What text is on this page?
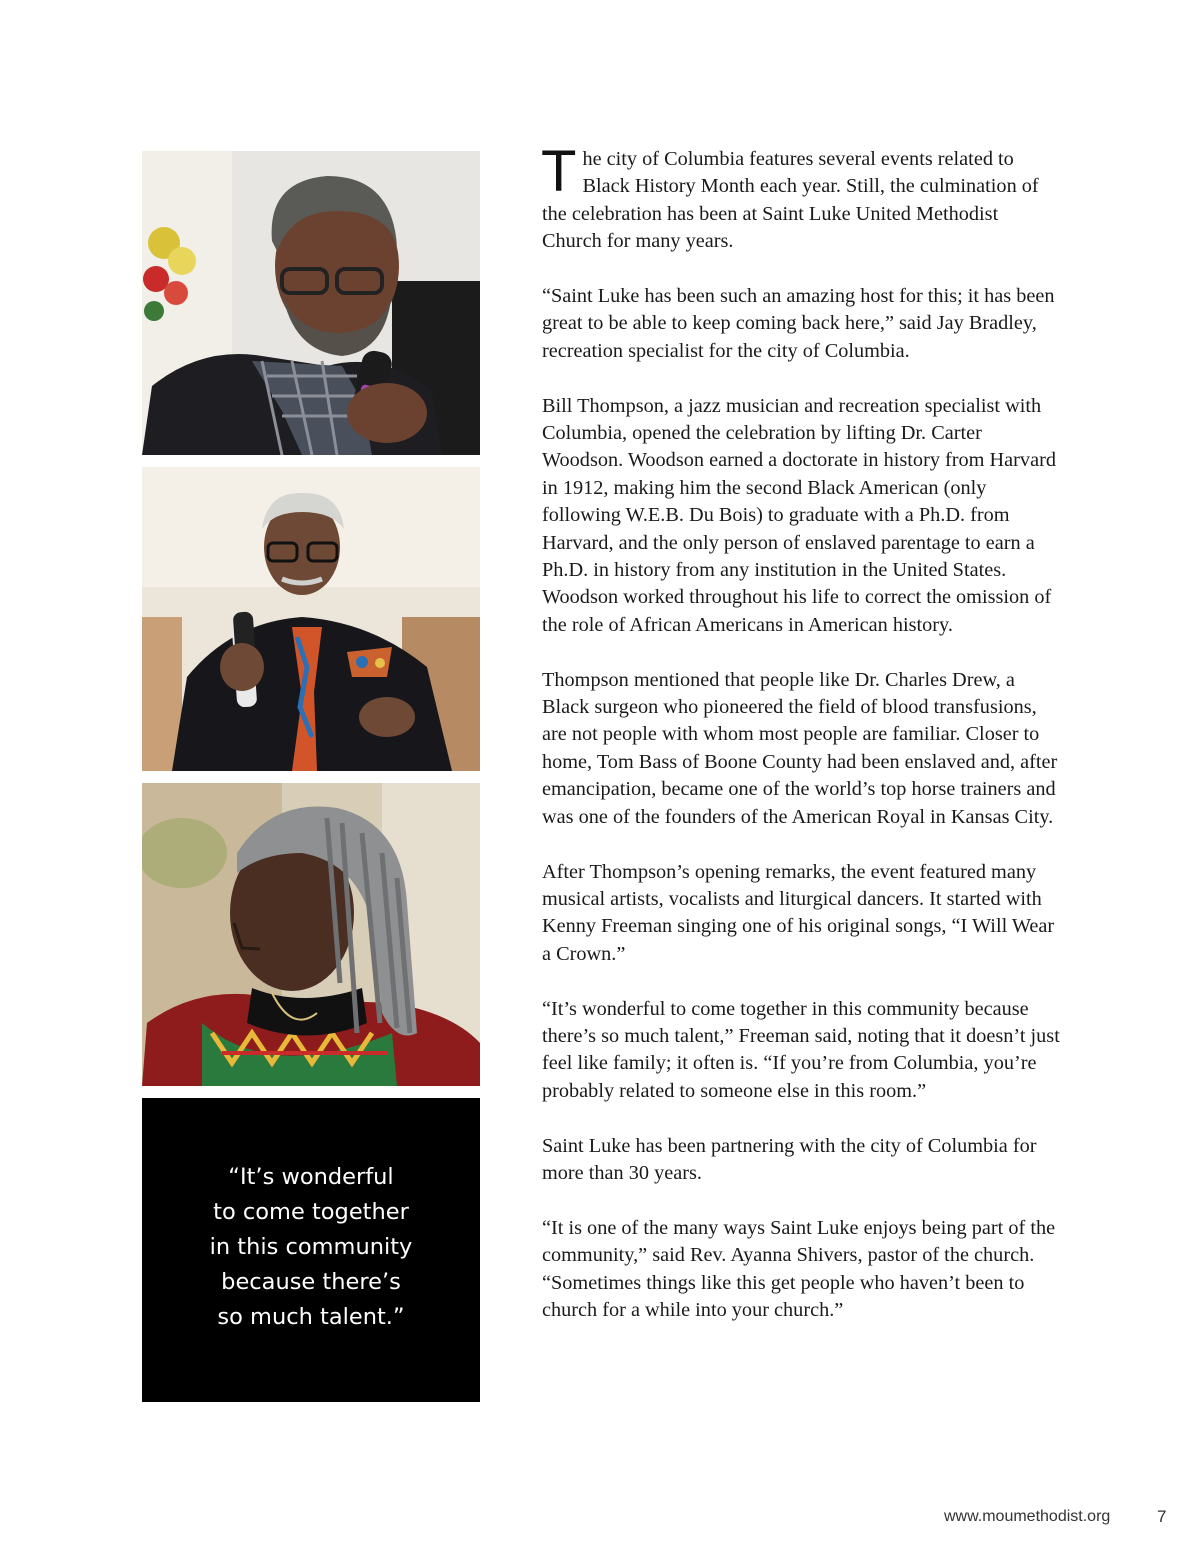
“It’s wonderful
to come together
in this community
because there’s
so much talent.”

The city of Columbia features several events related to Black History Month each year. Still, the culmination of the celebration has been at Saint Luke United Methodist Church for many years.

“Saint Luke has been such an amazing host for this; it has been great to be able to keep coming back here,” said Jay Bradley, recreation specialist for the city of Columbia.

Bill Thompson, a jazz musician and recreation specialist with Columbia, opened the celebration by lifting Dr. Carter Woodson. Woodson earned a doctorate in history from Harvard in 1912, making him the second Black American (only following W.E.B. Du Bois) to graduate with a Ph.D. from Harvard, and the only person of enslaved parentage to earn a Ph.D. in history from any institution in the United States. Woodson worked throughout his life to correct the omission of the role of African Americans in American history.

Thompson mentioned that people like Dr. Charles Drew, a Black surgeon who pioneered the field of blood transfusions, are not people with whom most people are familiar. Closer to home, Tom Bass of Boone County had been enslaved and, after emancipation, became one of the world’s top horse trainers and was one of the founders of the American Royal in Kansas City.

After Thompson’s opening remarks, the event featured many musical artists, vocalists and liturgical dancers. It started with Kenny Freeman singing one of his original songs, “I Will Wear a Crown.”

“It’s wonderful to come together in this community because there’s so much talent,” Freeman said, noting that it doesn’t just feel like family; it often is. “If you’re from Columbia, you’re probably related to someone else in this room.”

Saint Luke has been partnering with the city of Columbia for more than 30 years.

“It is one of the many ways Saint Luke enjoys being part of the community,” said Rev. Ayanna Shivers, pastor of the church. “Sometimes things like this get people who haven’t been to church for a while into your church.”

www.moumethodist.org	7
